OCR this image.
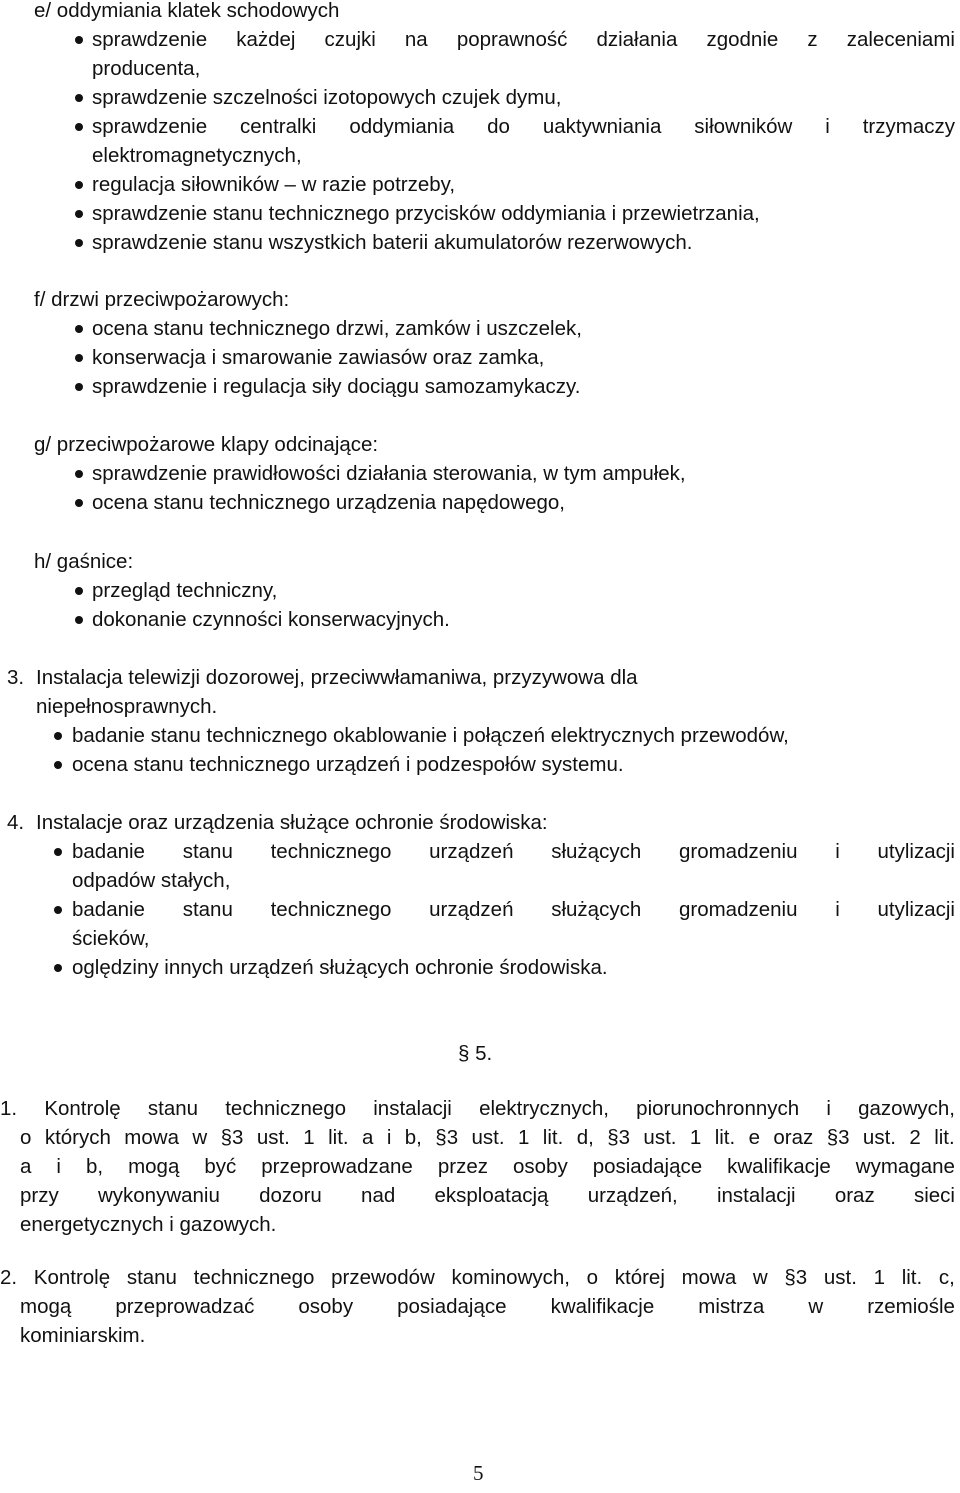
e/ oddymiania klatek schodowych
sprawdzenie każdej czujki na poprawność działania zgodnie z zaleceniami
producenta,
sprawdzenie szczelności izotopowych czujek dymu,
sprawdzenie centralki oddymiania do uaktywniania siłowników i trzymaczy
elektromagnetycznych,
regulacja siłowników – w razie potrzeby,
sprawdzenie stanu technicznego przycisków oddymiania i przewietrzania,
sprawdzenie stanu wszystkich baterii akumulatorów rezerwowych.
f/ drzwi przeciwpożarowych:
ocena stanu technicznego drzwi, zamków i uszczelek,
konserwacja i smarowanie zawiasów oraz zamka,
sprawdzenie i regulacja siły dociągu samozamykaczy.
g/ przeciwpożarowe klapy odcinające:
sprawdzenie prawidłowości działania sterowania, w tym ampułek,
ocena stanu technicznego urządzenia napędowego,
h/ gaśnice:
przegląd techniczny,
dokonanie czynności konserwacyjnych.
3. Instalacja telewizji dozorowej, przeciwwłamaniwa, przyzywowa dla
niepełnosprawnych.
badanie stanu technicznego okablowanie i połączeń elektrycznych przewodów,
ocena stanu technicznego urządzeń i podzespołów systemu.
4. Instalacje oraz urządzenia służące ochronie środowiska:
badanie stanu technicznego urządzeń służących gromadzeniu i utylizacji
odpadów stałych,
badanie stanu technicznego urządzeń służących gromadzeniu i utylizacji
ścieków,
oględziny innych urządzeń służących ochronie środowiska.
§ 5.
1. Kontrolę stanu technicznego instalacji elektrycznych, piorunochronnych i gazowych,
o których mowa w §3 ust. 1 lit. a i b, §3 ust. 1 lit. d, §3 ust. 1 lit. e oraz §3 ust. 2 lit.
a i b, mogą być przeprowadzane przez osoby posiadające kwalifikacje wymagane
przy wykonywaniu dozoru nad eksploatacją urządzeń, instalacji oraz sieci
energetycznych i gazowych.
2. Kontrolę stanu technicznego przewodów kominowych, o której mowa w §3 ust. 1 lit. c,
mogą przeprowadzać osoby posiadające kwalifikacje mistrza w rzemiośle
kominiarskim.
5
